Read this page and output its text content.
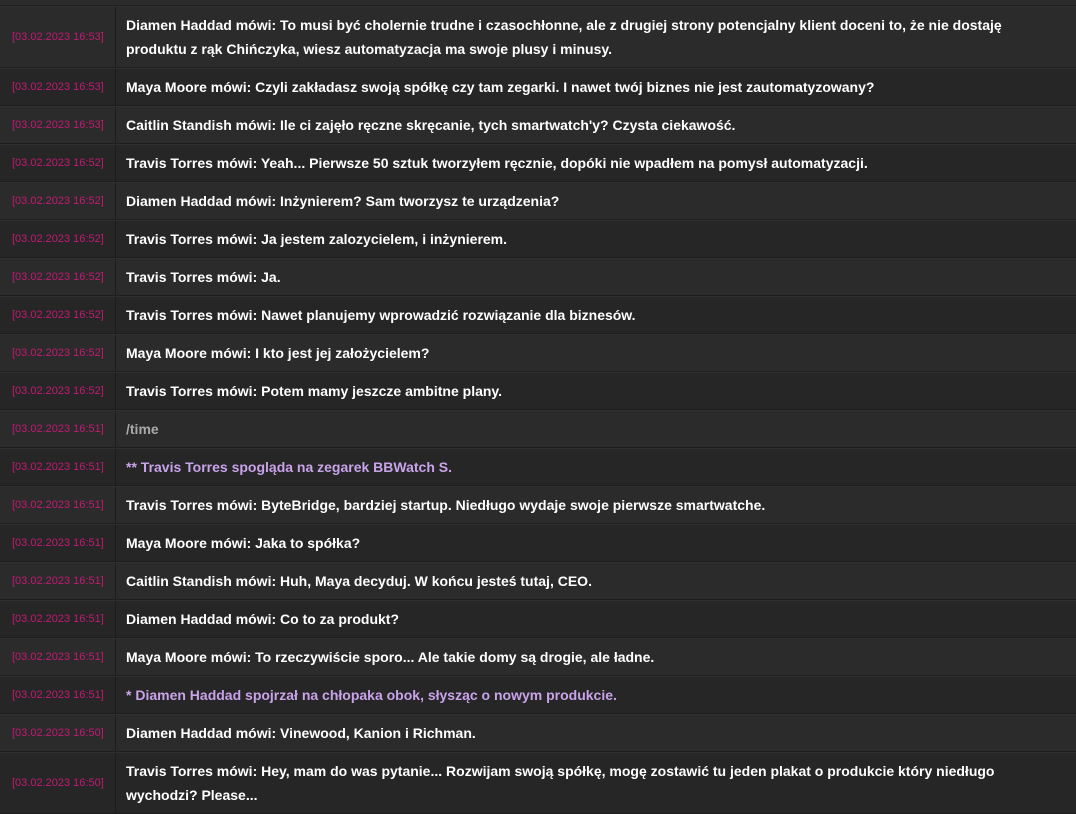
[03.02.2023 16:53]
Diamen Haddad mówi: To musi być cholernie trudne i czasochłonne, ale z drugiej strony potencjalny klient doceni to, że nie dostaję produktu z rąk Chińczyka, wiesz automatyzacja ma swoje plusy i minusy.
[03.02.2023 16:53]	Maya Moore mówi: Czyli zakładasz swoją spółkę czy tam zegarki. I nawet twój biznes nie jest zautomatyzowany?
[03.02.2023 16:53]	Caitlin Standish mówi: Ile ci zajęło ręczne skręcanie, tych smartwatch'y? Czysta ciekawość.
[03.02.2023 16:52]	Travis Torres mówi: Yeah... Pierwsze 50 sztuk tworzyłem ręcznie, dopóki nie wpadłem na pomysł automatyzacji.
[03.02.2023 16:52]	Diamen Haddad mówi: Inżynierem? Sam tworzysz te urządzenia?
[03.02.2023 16:52]	Travis Torres mówi: Ja jestem zalozycielem, i inżynierem.
[03.02.2023 16:52]	Travis Torres mówi: Ja.
[03.02.2023 16:52]	Travis Torres mówi: Nawet planujemy wprowadzić rozwiązanie dla biznesów.
[03.02.2023 16:52]	Maya Moore mówi: I kto jest jej założycielem?
[03.02.2023 16:52]	Travis Torres mówi: Potem mamy jeszcze ambitne plany.
[03.02.2023 16:51]	/time
[03.02.2023 16:51]	** Travis Torres spogląda na zegarek BBWatch S.
[03.02.2023 16:51]	Travis Torres mówi: ByteBridge, bardziej startup. Niedługo wydaje swoje pierwsze smartwatche.
[03.02.2023 16:51]	Maya Moore mówi: Jaka to spółka?
[03.02.2023 16:51]	Caitlin Standish mówi: Huh, Maya decyduj. W końcu jesteś tutaj, CEO.
[03.02.2023 16:51]	Diamen Haddad mówi: Co to za produkt?
[03.02.2023 16:51]	Maya Moore mówi: To rzeczywiście sporo... Ale takie domy są drogie, ale ładne.
[03.02.2023 16:51]	* Diamen Haddad spojrzał na chłopaka obok, słysząc o nowym produkcie.
[03.02.2023 16:50]	Diamen Haddad mówi: Vinewood, Kanion i Richman.
[03.02.2023 16:50]
Travis Torres mówi: Hey, mam do was pytanie... Rozwijam swoją spółkę, mogę zostawić tu jeden plakat o produkcie który niedługo wychodzi? Please...
